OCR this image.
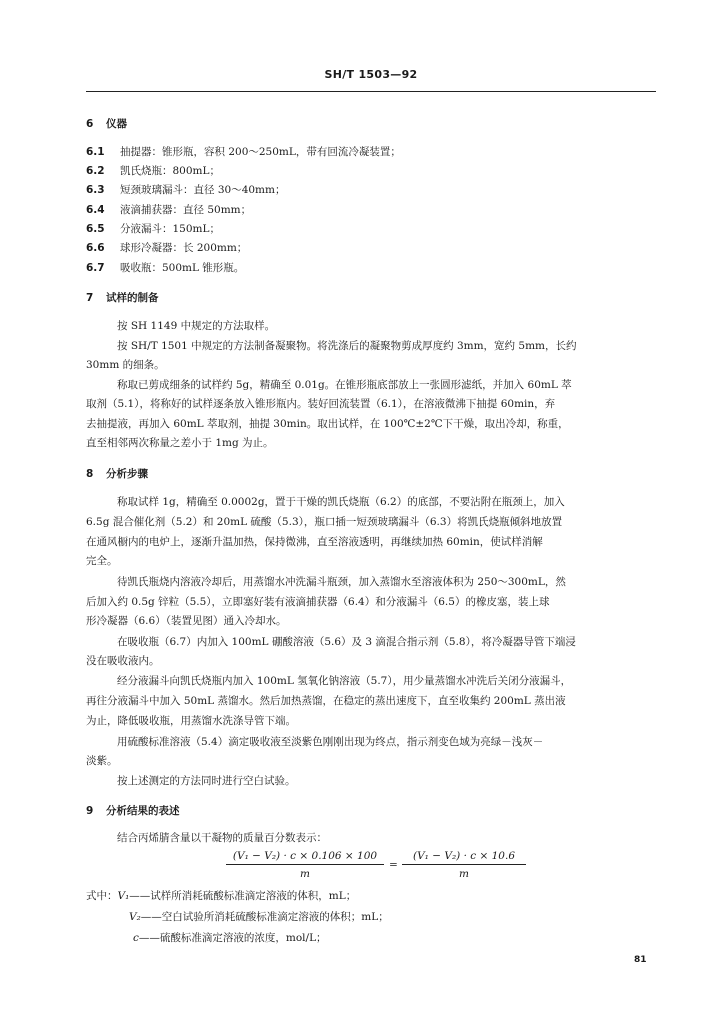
SH/T 1503—92
6 仪器
6.1 抽提器：锥形瓶，容积 200～250mL，带有回流冷凝装置；
6.2 凯氏烧瓶：800mL；
6.3 短颈玻璃漏斗：直径 30～40mm；
6.4 液滴捕获器：直径 50mm；
6.5 分液漏斗：150mL；
6.6 球形冷凝器：长 200mm；
6.7 吸收瓶：500mL 锥形瓶。
7 试样的制备
按 SH 1149 中规定的方法取样。
按 SH/T 1501 中规定的方法制备凝聚物。将洗涤后的凝聚物剪成厚度约 3mm，宽约 5mm，长约
30mm 的细条。
称取已剪成细条的试样约 5g，精确至 0.01g。在锥形瓶底部放上一张圆形滤纸，并加入 60mL 萃
取剂（5.1），将称好的试样逐条放入锥形瓶内。装好回流装置（6.1），在溶液微沸下抽提 60min，弃
去抽提液，再加入 60mL 萃取剂，抽提 30min。取出试样，在 100℃±2℃下干燥，取出冷却，称重，
直至相邻两次称量之差小于 1mg 为止。
8 分析步骤
称取试样 1g，精确至 0.0002g，置于干燥的凯氏烧瓶（6.2）的底部，不要沾附在瓶颈上，加入
6.5g 混合催化剂（5.2）和 20mL 硫酸（5.3），瓶口插一短颈玻璃漏斗（6.3）将凯氏烧瓶倾斜地放置
在通风橱内的电炉上，逐渐升温加热，保持微沸，直至溶液透明，再继续加热 60min，使试样消解
完全。
待凯氏瓶烧内溶液冷却后，用蒸馏水冲洗漏斗瓶颈，加入蒸馏水至溶液体积为 250～300mL，然
后加入约 0.5g 锌粒（5.5），立即塞好装有液滴捕获器（6.4）和分液漏斗（6.5）的橡皮塞，装上球
形冷凝器（6.6）（装置见图）通入冷却水。
在吸收瓶（6.7）内加入 100mL 硼酸溶液（5.6）及 3 滴混合指示剂（5.8），将冷凝器导管下端浸
没在吸收液内。
经分液漏斗向凯氏烧瓶内加入 100mL 氢氧化钠溶液（5.7），用少量蒸馏水冲洗后关闭分液漏斗，
再往分液漏斗中加入 50mL 蒸馏水。然后加热蒸馏，在稳定的蒸出速度下，直至收集约 200mL 蒸出液
为止，降低吸收瓶，用蒸馏水洗涤导管下端。
用硫酸标准溶液（5.4）滴定吸收液至淡紫色刚刚出现为终点，指示剂变色域为亮绿－浅灰－
淡紫。
按上述测定的方法同时进行空白试验。
9 分析结果的表述
结合丙烯腈含量以干凝物的质量百分数表示：
$\frac{\text{(V₁ − V₂) · c × 0.106 × 100}}{m} = \frac{\text{(V₁ − V₂) · c × 10.6}}{m}$
式中：V₁——试样所消耗硫酸标准滴定溶液的体积，mL；
V₂——空白试验所消耗硫酸标准滴定溶液的体积；mL；
c——硫酸标准滴定溶液的浓度，mol/L；
81
